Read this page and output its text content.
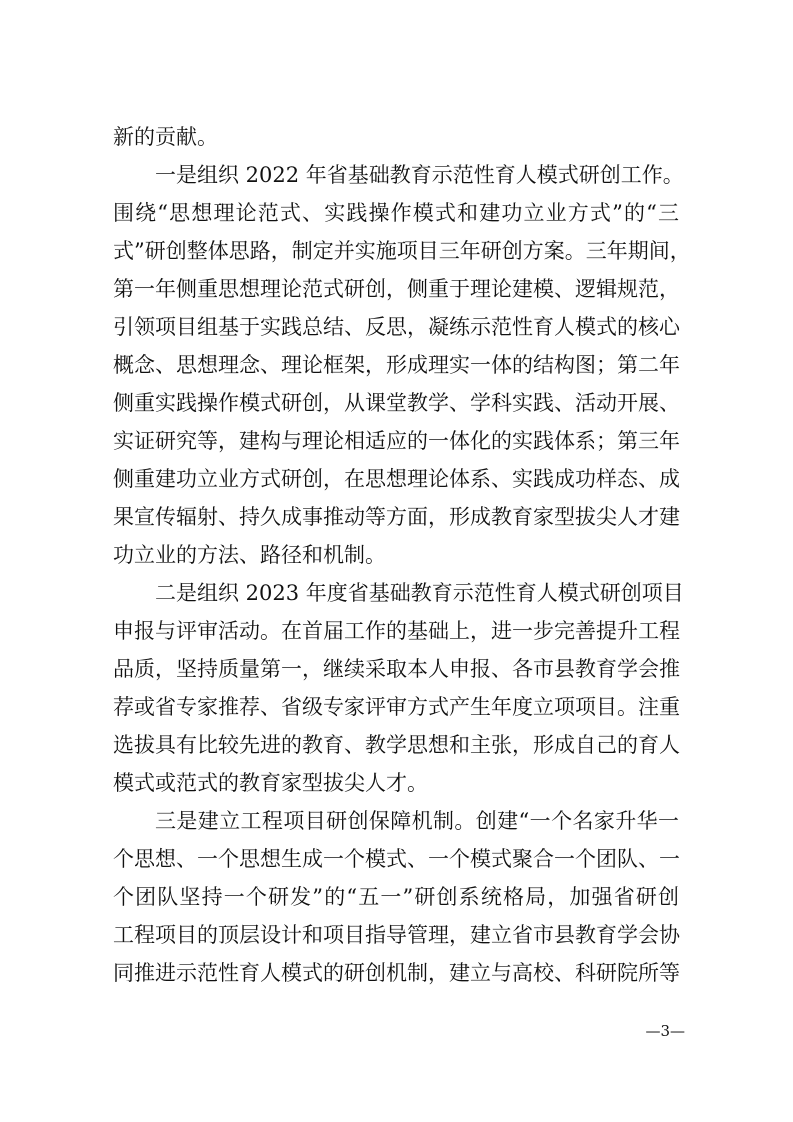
新的贡献。
一是组织 2022 年省基础教育示范性育人模式研创工作。
围绕“思想理论范式、实践操作模式和建功立业方式”的“三
式”研创整体思路，制定并实施项目三年研创方案。三年期间，
第一年侧重思想理论范式研创，侧重于理论建模、逻辑规范，
引领项目组基于实践总结、反思，凝练示范性育人模式的核心
概念、思想理念、理论框架，形成理实一体的结构图；第二年
侧重实践操作模式研创，从课堂教学、学科实践、活动开展、
实证研究等，建构与理论相适应的一体化的实践体系；第三年
侧重建功立业方式研创，在思想理论体系、实践成功样态、成
果宣传辐射、持久成事推动等方面，形成教育家型拔尖人才建
功立业的方法、路径和机制。
二是组织 2023 年度省基础教育示范性育人模式研创项目
申报与评审活动。在首届工作的基础上，进一步完善提升工程
品质，坚持质量第一，继续采取本人申报、各市县教育学会推
荐或省专家推荐、省级专家评审方式产生年度立项项目。注重
选拔具有比较先进的教育、教学思想和主张，形成自己的育人
模式或范式的教育家型拔尖人才。
三是建立工程项目研创保障机制。创建“一个名家升华一
个思想、一个思想生成一个模式、一个模式聚合一个团队、一
个团队坚持一个研发”的“五一”研创系统格局，加强省研创
工程项目的顶层设计和项目指导管理，建立省市县教育学会协
同推进示范性育人模式的研创机制，建立与高校、科研院所等
—3—
